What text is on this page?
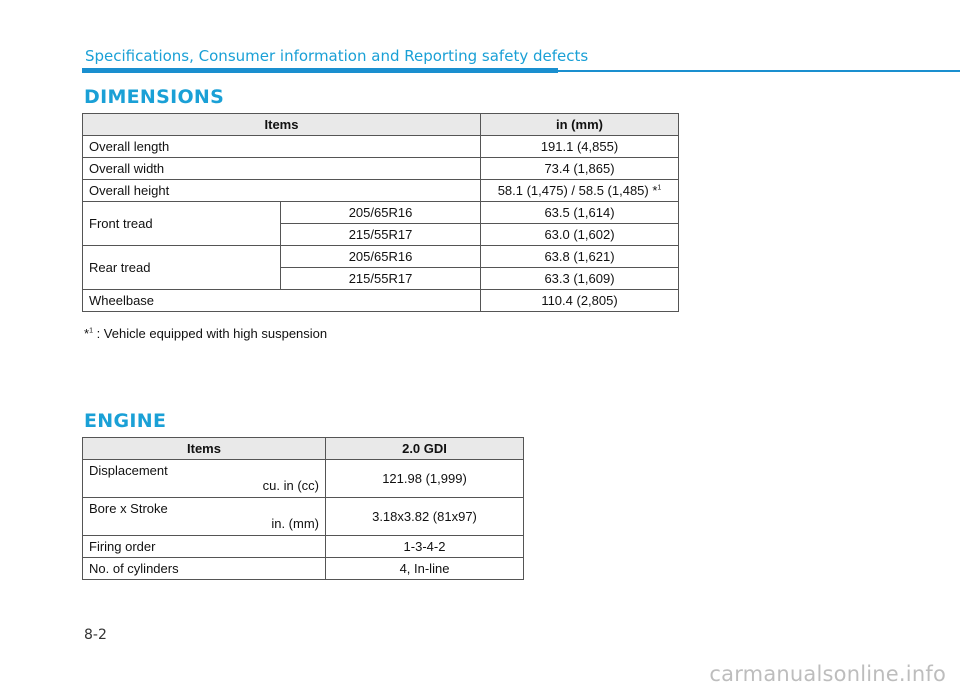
Specifications, Consumer information and Reporting safety defects
DIMENSIONS
Items		in (mm)
Overall length		191.1 (4,855)
Overall width		73.4 (1,865)
Overall height		58.1 (1,475) / 58.5 (1,485) *$^1$
Front tread	205/65R16	63.5 (1,614)
	215/55R17	63.0 (1,602)
Rear tread	205/65R16	63.8 (1,621)
	215/55R17	63.3 (1,609)
Wheelbase		110.4 (2,805)
*$^1$ : Vehicle equipped with high suspension
ENGINE
Items	2.0 GDI

Displacement
cu. in (cc)	121.98 (1,999)

Bore x Stroke
in. (mm)	3.18x3.82 (81x97)
Firing order	1-3-4-2
No. of cylinders	4, In-line
8-2
carmanualsonline.info
